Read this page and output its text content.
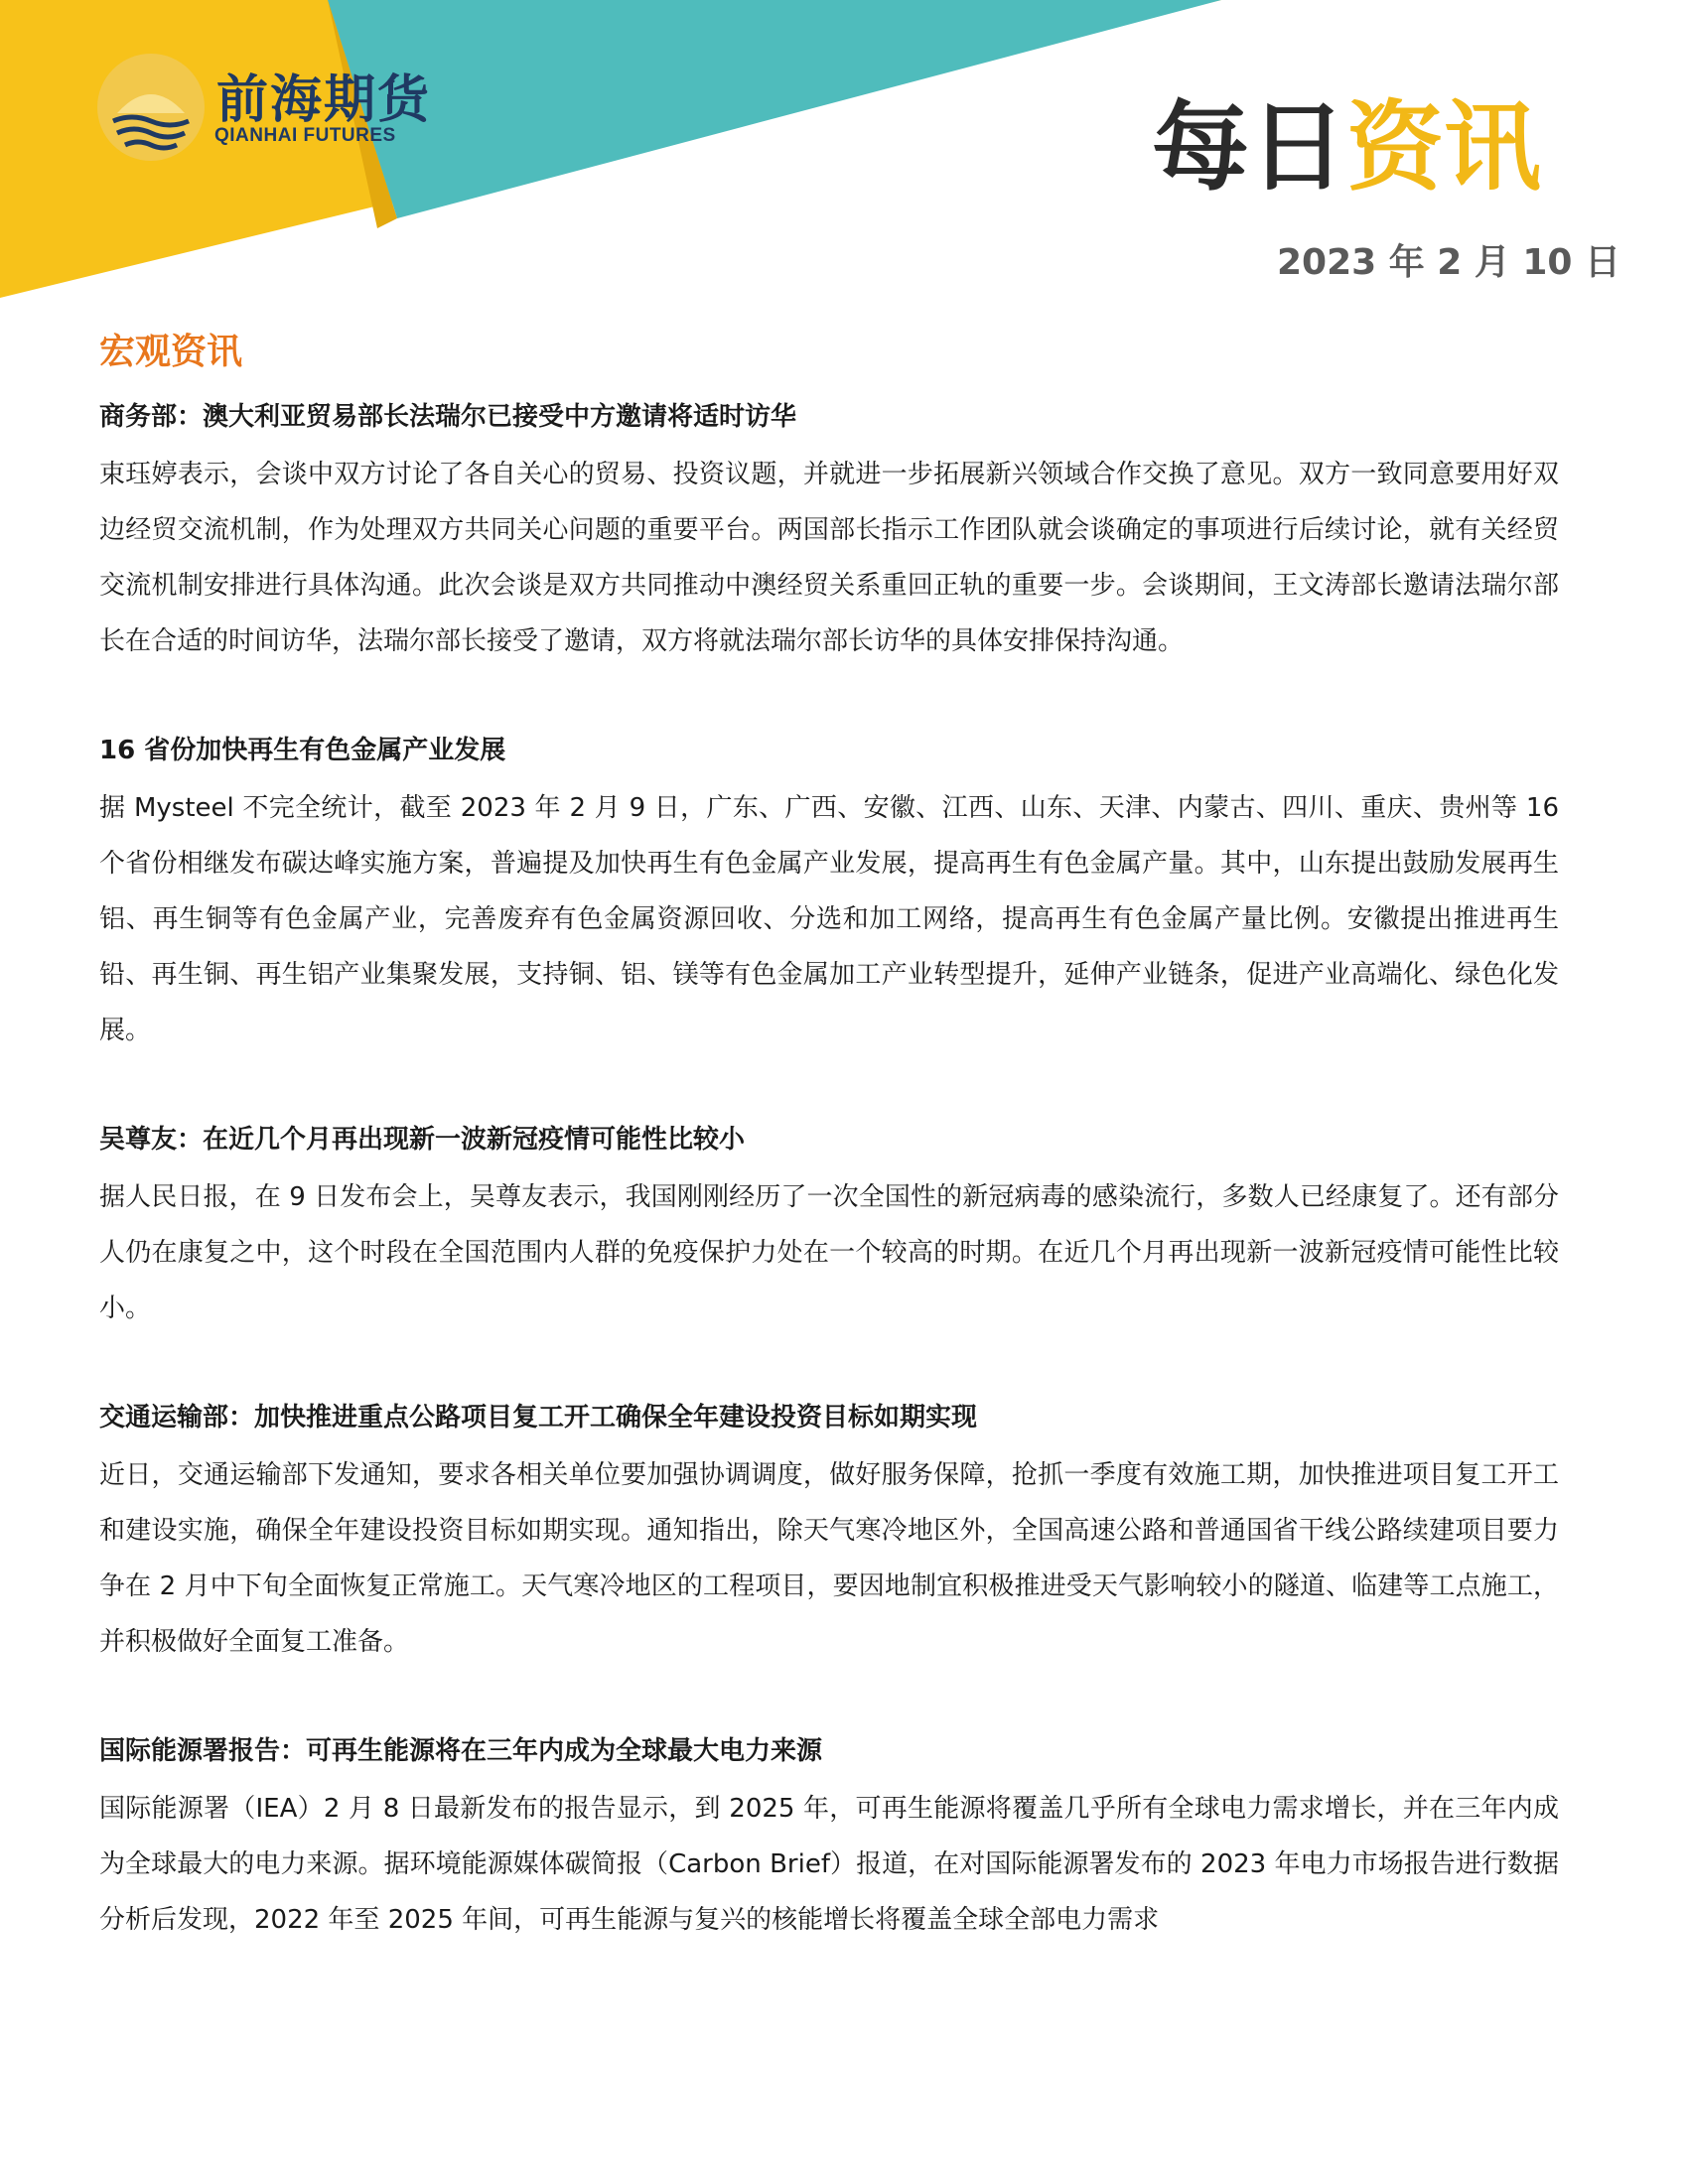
前海期货
QIANHAI FUTURES	每日资讯
2023 年 2 月 10 日
宏观资讯
商务部：澳大利亚贸易部长法瑞尔已接受中方邀请将适时访华

束珏婷表示，会谈中双方讨论了各自关心的贸易、投资议题，并就进一步拓展新兴领域合作交换了意见。双方一致同意要用好双边经贸交流机制，作为处理双方共同关心问题的重要平台。两国部长指示工作团队就会谈确定的事项进行后续讨论，就有关经贸交流机制安排进行具体沟通。此次会谈是双方共同推动中澳经贸关系重回正轨的重要一步。会谈期间，王文涛部长邀请法瑞尔部长在合适的时间访华，法瑞尔部长接受了邀请，双方将就法瑞尔部长访华的具体安排保持沟通。

16 省份加快再生有色金属产业发展

据 Mysteel 不完全统计，截至 2023 年 2 月 9 日，广东、广西、安徽、江西、山东、天津、内蒙古、四川、重庆、贵州等 16 个省份相继发布碳达峰实施方案，普遍提及加快再生有色金属产业发展，提高再生有色金属产量。其中，山东提出鼓励发展再生铝、再生铜等有色金属产业，完善废弃有色金属资源回收、分选和加工网络，提高再生有色金属产量比例。安徽提出推进再生铅、再生铜、再生铝产业集聚发展，支持铜、铝、镁等有色金属加工产业转型提升，延伸产业链条，促进产业高端化、绿色化发展。

吴尊友：在近几个月再出现新一波新冠疫情可能性比较小

据人民日报，在 9 日发布会上，吴尊友表示，我国刚刚经历了一次全国性的新冠病毒的感染流行，多数人已经康复了。还有部分人仍在康复之中，这个时段在全国范围内人群的免疫保护力处在一个较高的时期。在近几个月再出现新一波新冠疫情可能性比较小。

交通运输部：加快推进重点公路项目复工开工确保全年建设投资目标如期实现

近日，交通运输部下发通知，要求各相关单位要加强协调调度，做好服务保障，抢抓一季度有效施工期，加快推进项目复工开工和建设实施，确保全年建设投资目标如期实现。通知指出，除天气寒冷地区外，全国高速公路和普通国省干线公路续建项目要力争在 2 月中下旬全面恢复正常施工。天气寒冷地区的工程项目，要因地制宜积极推进受天气影响较小的隧道、临建等工点施工，并积极做好全面复工准备。

国际能源署报告：可再生能源将在三年内成为全球最大电力来源

国际能源署（IEA）2 月 8 日最新发布的报告显示，到 2025 年，可再生能源将覆盖几乎所有全球电力需求增长，并在三年内成为全球最大的电力来源。据环境能源媒体碳简报（Carbon Brief）报道，在对国际能源署发布的 2023 年电力市场报告进行数据分析后发现，2022 年至 2025 年间，可再生能源与复兴的核能增长将覆盖全球全部电力需求
